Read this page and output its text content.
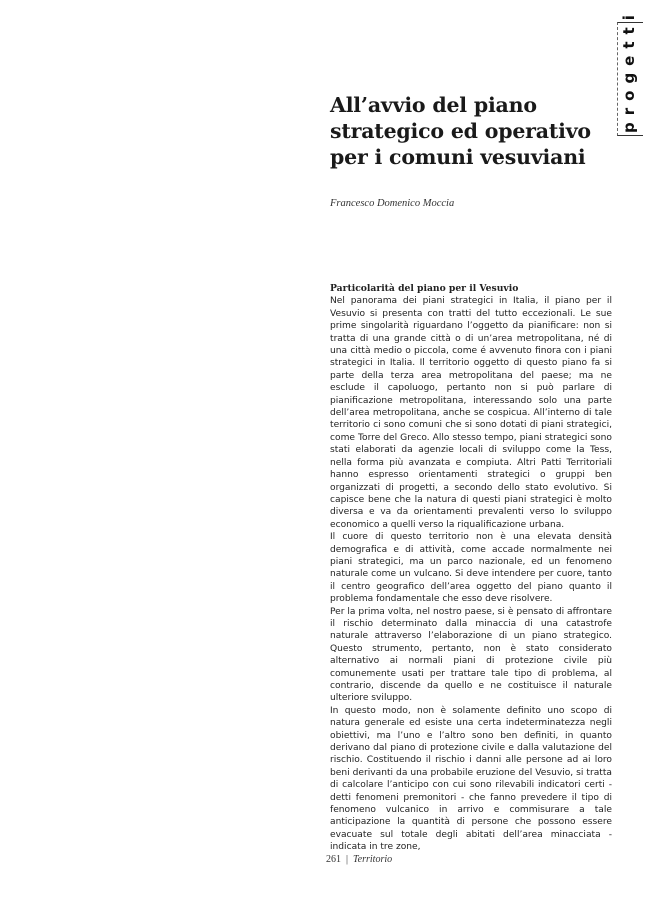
progetti
All’avvio del piano strategico ed operativo per i comuni vesuviani
Francesco Domenico Moccia
Particolarità del piano per il Vesuvio

Nel panorama dei piani strategici in Italia, il piano per il Vesuvio si presenta con tratti del tutto eccezionali. Le sue prime singolarità riguardano l’oggetto da pianificare: non si tratta di una grande città o di un’area metropolitana, né di una città medio o piccola, come é avvenuto finora con i piani strategici in Italia. Il territorio oggetto di questo piano fa si parte della terza area metropolitana del paese; ma ne esclude il capoluogo, pertanto non si può parlare di pianificazione metropolitana, interessando solo una parte dell’area metropolitana, anche se cospicua. All’interno di tale territorio ci sono comuni che si sono dotati di piani strategici, come Torre del Greco. Allo stesso tempo, piani strategici sono stati elaborati da agenzie locali di sviluppo come la Tess, nella forma più avanzata e compiuta. Altri Patti Territoriali hanno espresso orientamenti strategici o gruppi ben organizzati di progetti, a secondo dello stato evolutivo. Si capisce bene che la natura di questi piani strategici è molto diversa e va da orientamenti prevalenti verso lo sviluppo economico a quelli verso la riqualificazione urbana.

Il cuore di questo territorio non è una elevata densità demografica e di attività, come accade normalmente nei piani strategici, ma un parco nazionale, ed un fenomeno naturale come un vulcano. Si deve intendere per cuore, tanto il centro geografico dell’area oggetto del piano quanto il problema fondamentale che esso deve risolvere.

Per la prima volta, nel nostro paese, si è pensato di affrontare il rischio determinato dalla minaccia di una catastrofe naturale attraverso l’elaborazione di un piano strategico. Questo strumento, pertanto, non è stato considerato alternativo ai normali piani di protezione civile più comunemente usati per trattare tale tipo di problema, al contrario, discende da quello e ne costituisce il naturale ulteriore sviluppo.

In questo modo, non è solamente definito uno scopo di natura generale ed esiste una certa indeterminatezza negli obiettivi, ma l’uno e l’altro sono ben definiti, in quanto derivano dal piano di protezione civile e dalla valutazione del rischio. Costituendo il rischio i danni alle persone ad ai loro beni derivanti da una probabile eruzione del Vesuvio, si tratta di calcolare l’anticipo con cui sono rilevabili indicatori certi - detti fenomeni premonitori - che fanno prevedere il tipo di fenomeno vulcanico in arrivo e commisurare a tale anticipazione la quantità di persone che possono essere evacuate sul totale degli abitati dell’area minacciata - indicata in tre zone,

261 | Territorio
